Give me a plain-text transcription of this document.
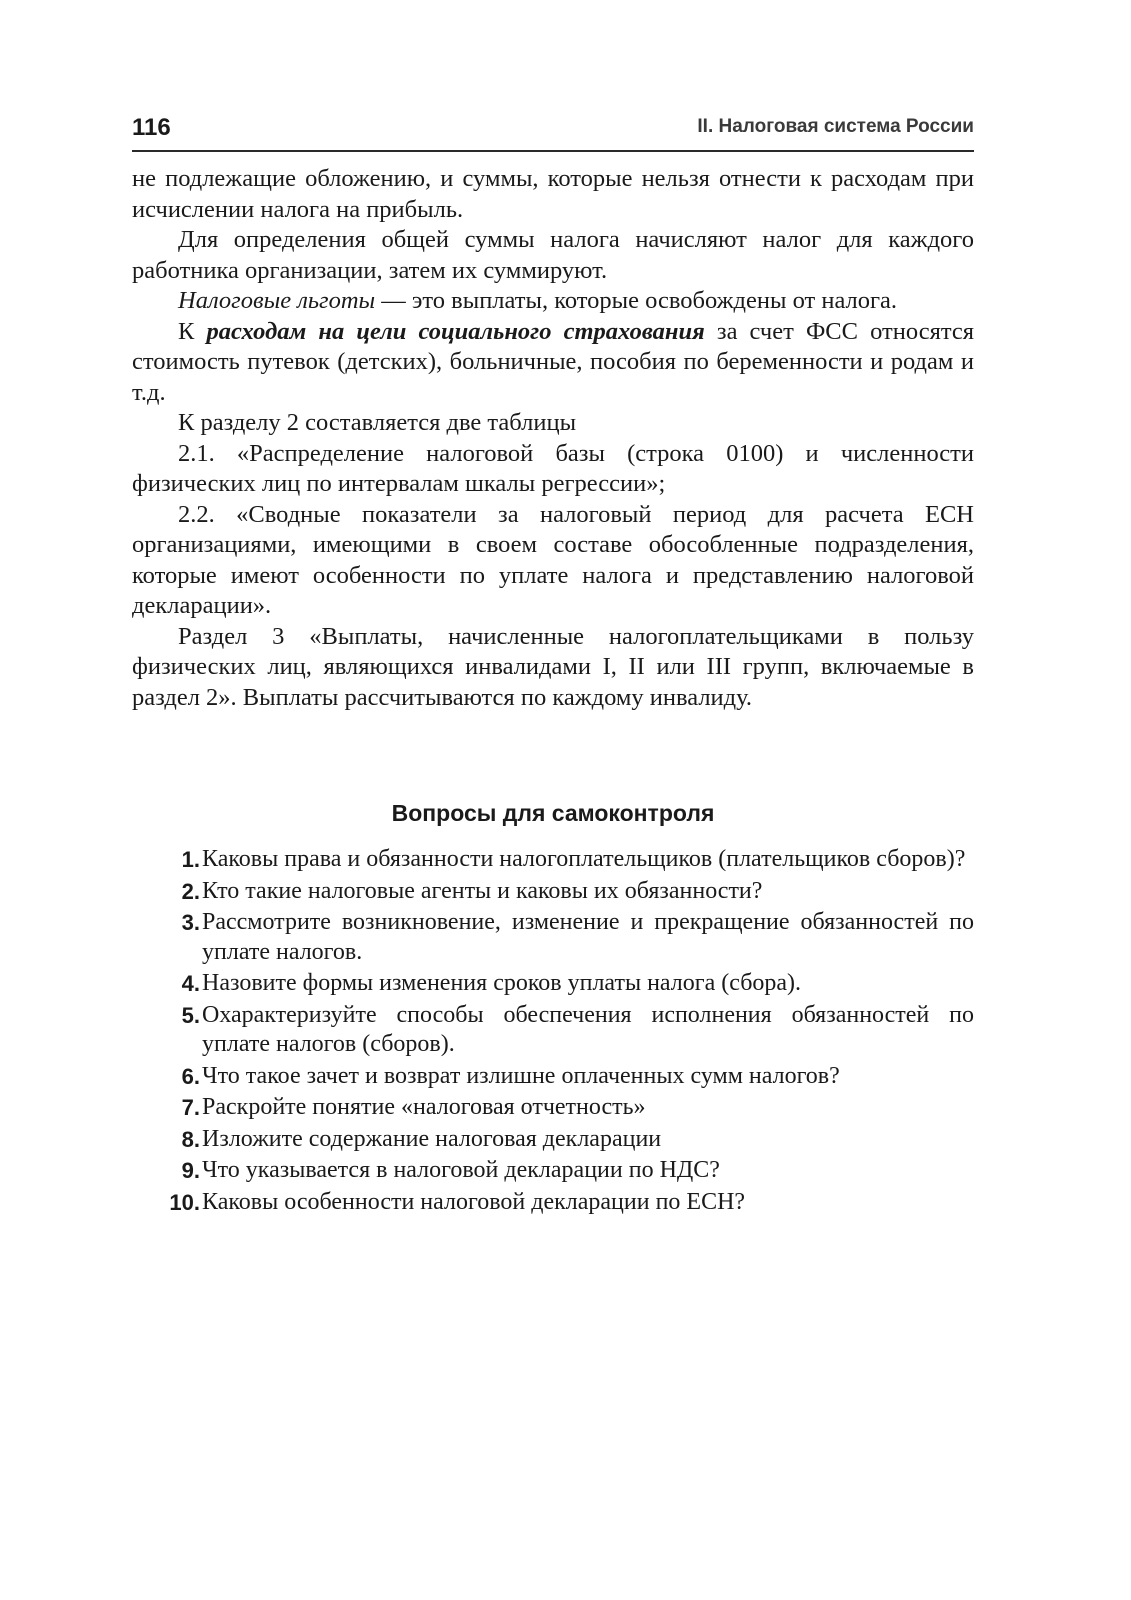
116	II. Налоговая система России

не подлежащие обложению, и суммы, которые нельзя отнести к расходам при исчислении налога на прибыль.

Для определения общей суммы налога начисляют налог для каждого работника организации, затем их суммируют.

Налоговые льготы — это выплаты, которые освобождены от налога.

К расходам на цели социального страхования за счет ФСС относятся стоимость путевок (детских), больничные, пособия по беременности и родам и т.д.

К разделу 2 составляется две таблицы

2.1. «Распределение налоговой базы (строка 0100) и численности физических лиц по интервалам шкалы регрессии»;

2.2. «Сводные показатели за налоговый период для расчета ЕСН организациями, имеющими в своем составе обособленные подразделения, которые имеют особенности по уплате налога и представлению налоговой декларации».

Раздел 3 «Выплаты, начисленные налогоплательщиками в пользу физических лиц, являющихся инвалидами I, II или III групп, включаемые в раздел 2». Выплаты рассчитываются по каждому инвалиду.

Вопросы для самоконтроля
1. Каковы права и обязанности налогоплательщиков (плательщиков сборов)?
2. Кто такие налоговые агенты и каковы их обязанности?
3. Рассмотрите возникновение, изменение и прекращение обязанностей по уплате налогов.
4. Назовите формы изменения сроков уплаты налога (сбора).
5. Охарактеризуйте способы обеспечения исполнения обязанностей по уплате налогов (сборов).
6. Что такое зачет и возврат излишне оплаченных сумм налогов?
7. Раскройте понятие «налоговая отчетность»
8. Изложите содержание налоговая декларации
9. Что указывается в налоговой декларации по НДС?
10. Каковы особенности налоговой декларации по ЕСН?
